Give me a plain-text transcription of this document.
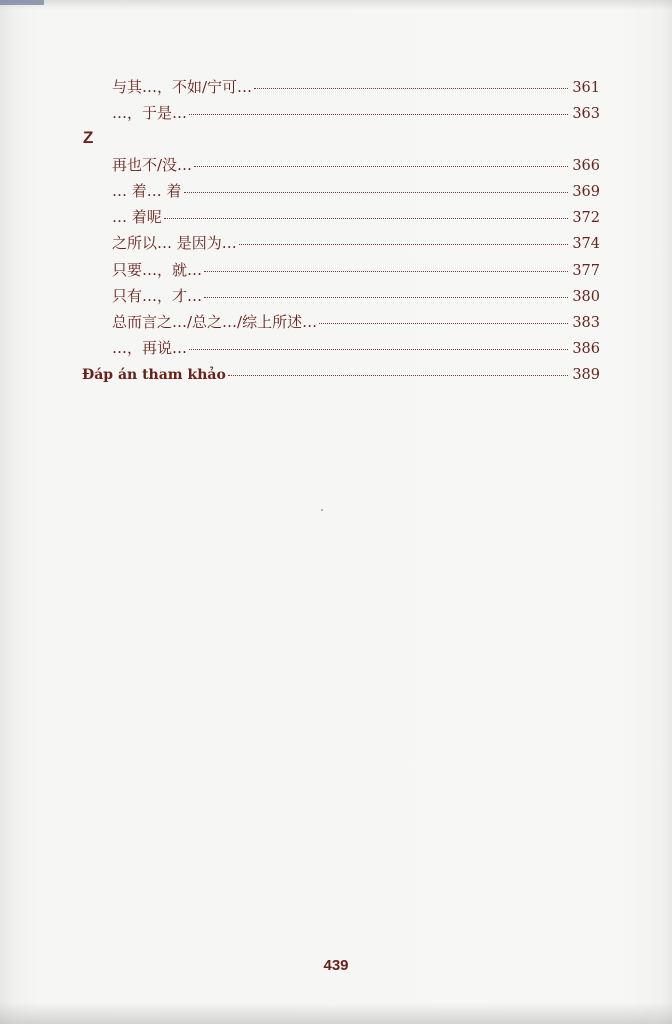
与其…，不如/宁可…	361
…，于是…	363
Z
再也不/没…	366
… 着… 着	369
… 着呢	372
之所以… 是因为…	374
只要…，就…	377
只有…，才…	380
总而言之…/总之…/综上所述…	383
…，再说…	386
Đáp án tham khảo	389
439
